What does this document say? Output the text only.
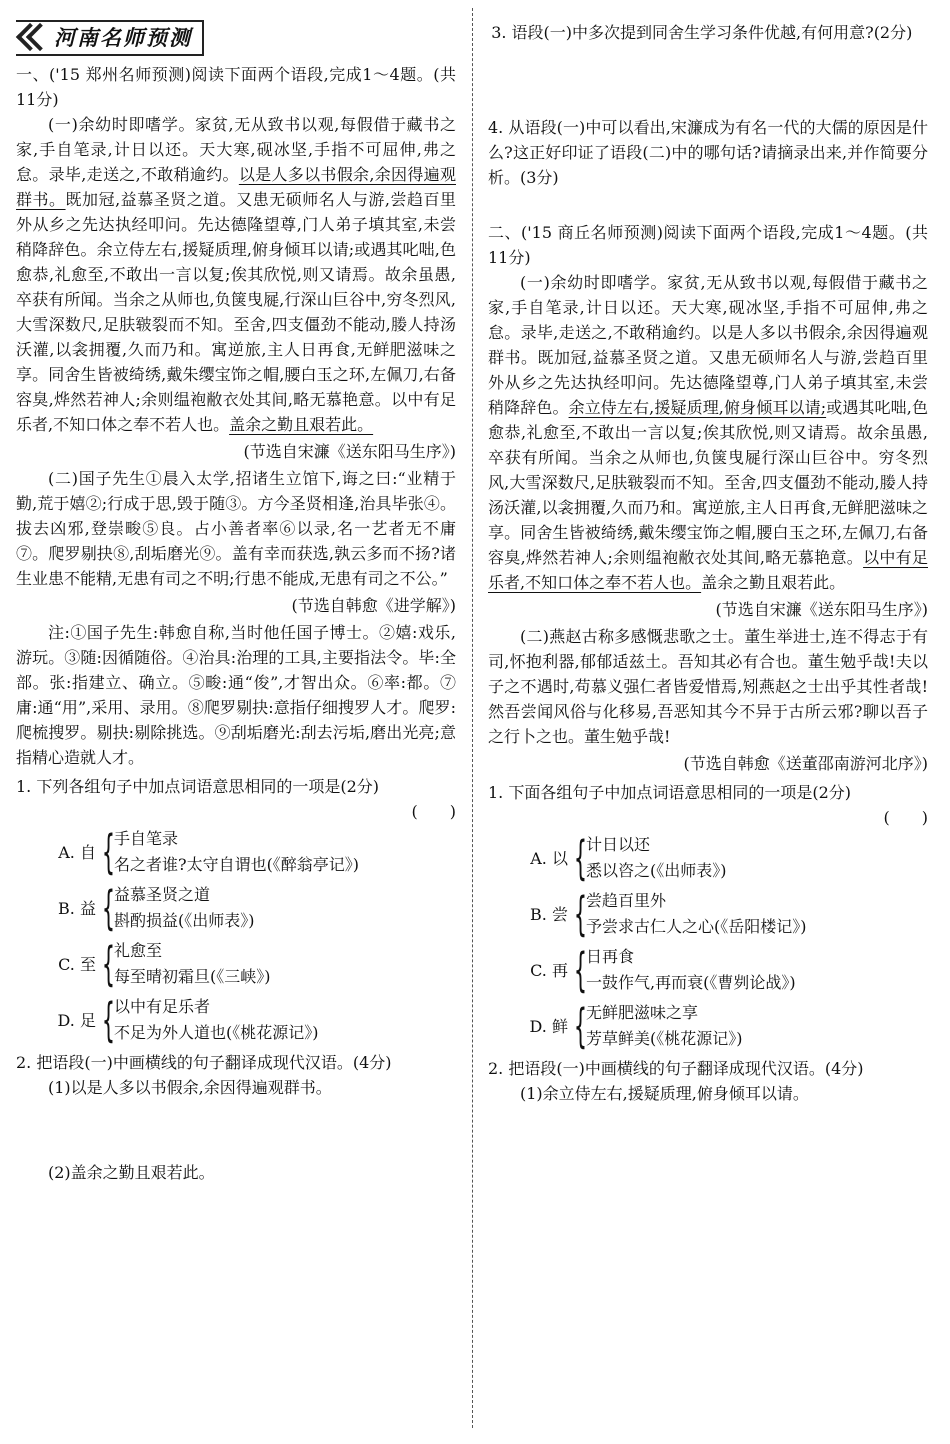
河南名师预测

一、('15 郑州名师预测)阅读下面两个语段,完成1～4题。(共11分)

(一)余幼时即嗜学。家贫,无从致书以观,每假借于藏书之家,手自笔录,计日以还。天大寒,砚冰坚,手指不可屈伸,弗之怠。录毕,走送之,不敢稍逾约。以是人多以书假余,余因得遍观群书。既加冠,益慕圣贤之道。又患无硕师名人与游,尝趋百里外从乡之先达执经叩问。先达德隆望尊,门人弟子填其室,未尝稍降辞色。余立侍左右,援疑质理,俯身倾耳以请;或遇其叱咄,色愈恭,礼愈至,不敢出一言以复;俟其欣悦,则又请焉。故余虽愚,卒获有所闻。当余之从师也,负箧曳屣,行深山巨谷中,穷冬烈风,大雪深数尺,足肤皲裂而不知。至舍,四支僵劲不能动,媵人持汤沃灌,以衾拥覆,久而乃和。寓逆旅,主人日再食,无鲜肥滋味之享。同舍生皆被绮绣,戴朱缨宝饰之帽,腰白玉之环,左佩刀,右备容臭,烨然若神人;余则缊袍敝衣处其间,略无慕艳意。以中有足乐者,不知口体之奉不若人也。盖余之勤且艰若此。

(节选自宋濂《送东阳马生序》)

(二)国子先生①晨入太学,招诸生立馆下,诲之曰:“业精于勤,荒于嬉②;行成于思,毁于随③。方今圣贤相逢,治具毕张④。拔去凶邪,登崇畯⑤良。占小善者率⑥以录,名一艺者无不庸⑦。爬罗剔抉⑧,刮垢磨光⑨。盖有幸而获选,孰云多而不扬?诸生业患不能精,无患有司之不明;行患不能成,无患有司之不公。”

(节选自韩愈《进学解》)

注:①国子先生:韩愈自称,当时他任国子博士。②嬉:戏乐,游玩。③随:因循随俗。④治具:治理的工具,主要指法令。毕:全部。张:指建立、确立。⑤畯:通“俊”,才智出众。⑥率:都。⑦庸:通“用”,采用、录用。⑧爬罗剔抉:意指仔细搜罗人才。爬罗:爬梳搜罗。剔抉:剔除挑选。⑨刮垢磨光:刮去污垢,磨出光亮;意指精心造就人才。

1. 下列各组句子中加点词语意思相同的一项是(2分)

(　　)

A. 自 {
手自笔录
名之者谁?太守自谓也(《醉翁亭记》)
B. 益 {
益慕圣贤之道
斟酌损益(《出师表》)
C. 至 {
礼愈至
每至晴初霜旦(《三峡》)
D. 足 {
以中有足乐者
不足为外人道也(《桃花源记》)

2. 把语段(一)中画横线的句子翻译成现代汉语。(4分)

(1)以是人多以书假余,余因得遍观群书。

(2)盖余之勤且艰若此。

3. 语段(一)中多次提到同舍生学习条件优越,有何用意?(2分)

4. 从语段(一)中可以看出,宋濂成为有名一代的大儒的原因是什么?这正好印证了语段(二)中的哪句话?请摘录出来,并作简要分析。(3分)

二、('15 商丘名师预测)阅读下面两个语段,完成1～4题。(共11分)

(一)余幼时即嗜学。家贫,无从致书以观,每假借于藏书之家,手自笔录,计日以还。天大寒,砚冰坚,手指不可屈伸,弗之怠。录毕,走送之,不敢稍逾约。以是人多以书假余,余因得遍观群书。既加冠,益慕圣贤之道。又患无硕师名人与游,尝趋百里外从乡之先达执经叩问。先达德隆望尊,门人弟子填其室,未尝稍降辞色。余立侍左右,援疑质理,俯身倾耳以请;或遇其叱咄,色愈恭,礼愈至,不敢出一言以复;俟其欣悦,则又请焉。故余虽愚,卒获有所闻。当余之从师也,负箧曳屣行深山巨谷中。穷冬烈风,大雪深数尺,足肤皲裂而不知。至舍,四支僵劲不能动,媵人持汤沃灌,以衾拥覆,久而乃和。寓逆旅,主人日再食,无鲜肥滋味之享。同舍生皆被绮绣,戴朱缨宝饰之帽,腰白玉之环,左佩刀,右备容臭,烨然若神人;余则缊袍敝衣处其间,略无慕艳意。以中有足乐者,不知口体之奉不若人也。盖余之勤且艰若此。

(节选自宋濂《送东阳马生序》)

(二)燕赵古称多感慨悲歌之士。董生举进士,连不得志于有司,怀抱利器,郁郁适兹土。吾知其必有合也。董生勉乎哉!夫以子之不遇时,苟慕义强仁者皆爱惜焉,矧燕赵之士出乎其性者哉!然吾尝闻风俗与化移易,吾恶知其今不异于古所云邪?聊以吾子之行卜之也。董生勉乎哉!

(节选自韩愈《送董邵南游河北序》)

1. 下面各组句子中加点词语意思相同的一项是(2分)

(　　)

A. 以 {
计日以还
悉以咨之(《出师表》)
B. 尝 {
尝趋百里外
予尝求古仁人之心(《岳阳楼记》)
C. 再 {
日再食
一鼓作气,再而衰(《曹刿论战》)
D. 鲜 {
无鲜肥滋味之享
芳草鲜美(《桃花源记》)

2. 把语段(一)中画横线的句子翻译成现代汉语。(4分)

(1)余立侍左右,援疑质理,俯身倾耳以请。
